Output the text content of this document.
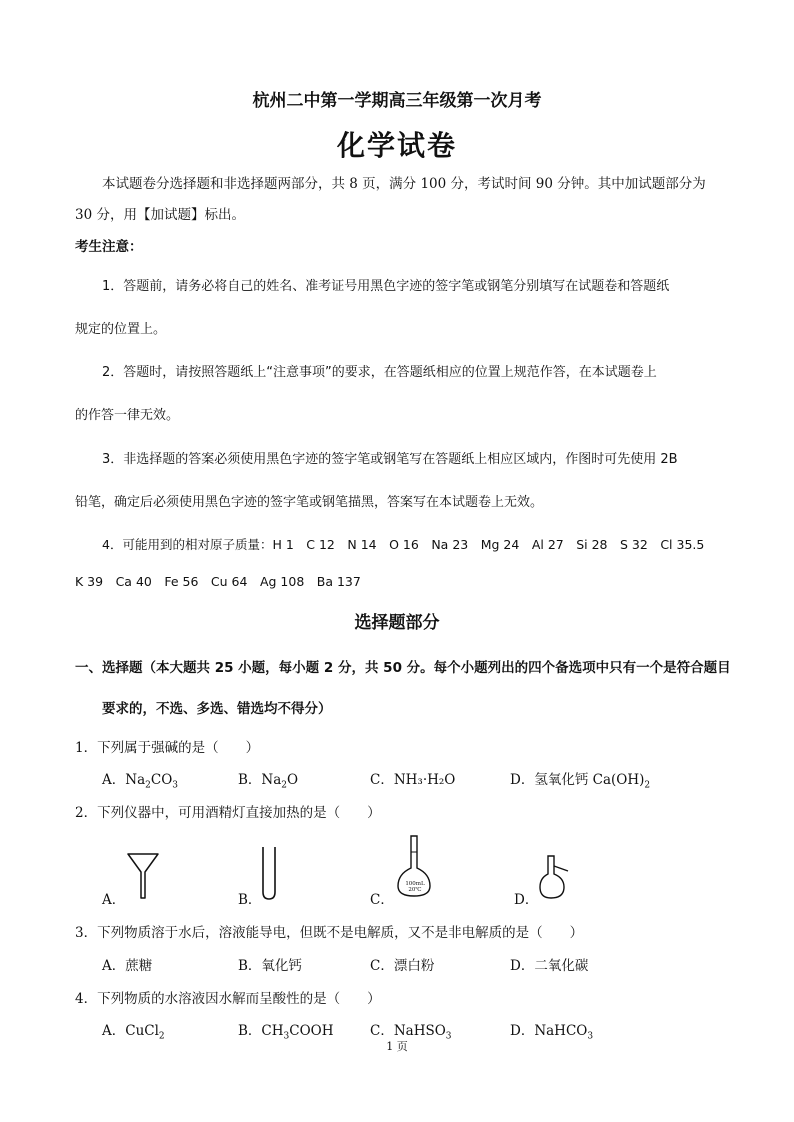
杭州二中第一学期高三年级第一次月考
化学试卷
本试题卷分选择题和非选择题两部分，共 8 页，满分 100 分，考试时间 90 分钟。其中加试题部分为
30 分，用【加试题】标出。
考生注意：
1．答题前，请务必将自己的姓名、准考证号用黑色字迹的签字笔或钢笔分别填写在试题卷和答题纸
规定的位置上。
2．答题时，请按照答题纸上“注意事项”的要求，在答题纸相应的位置上规范作答，在本试题卷上
的作答一律无效。
3．非选择题的答案必须使用黑色字迹的签字笔或钢笔写在答题纸上相应区域内，作图时可先使用 2B
铅笔，确定后必须使用黑色字迹的签字笔或钢笔描黑，答案写在本试题卷上无效。
4．可能用到的相对原子质量：H 1　C 12　N 14　O 16　Na 23　Mg 24　Al 27　Si 28　S 32　Cl 35.5
K 39　Ca 40　Fe 56　Cu 64　Ag 108　Ba 137
选择题部分
一、选择题（本大题共 25 小题，每小题 2 分，共 50 分。每个小题列出的四个备选项中只有一个是符合题目
要求的，不选、多选、错选均不得分）
1．下列属于强碱的是（　　）
A．$Na_2CO_3$	B．$Na_2O$	C．NH₃·H₂O	D．氢氧化钙 $Ca(OH)_2$
2．下列仪器中，可用酒精灯直接加热的是（　　）
A．	B．	C．
100mL
20℃
D．
3．下列物质溶于水后，溶液能导电，但既不是电解质，又不是非电解质的是（　　）
A．蔗糖	B．氧化钙	C．漂白粉	D．二氧化碳
4．下列物质的水溶液因水解而呈酸性的是（　　）
A．CuCl$_2$	B．$CH_3COOH$	C．NaHSO$_3$	D．NaHCO$_3$
1 页
